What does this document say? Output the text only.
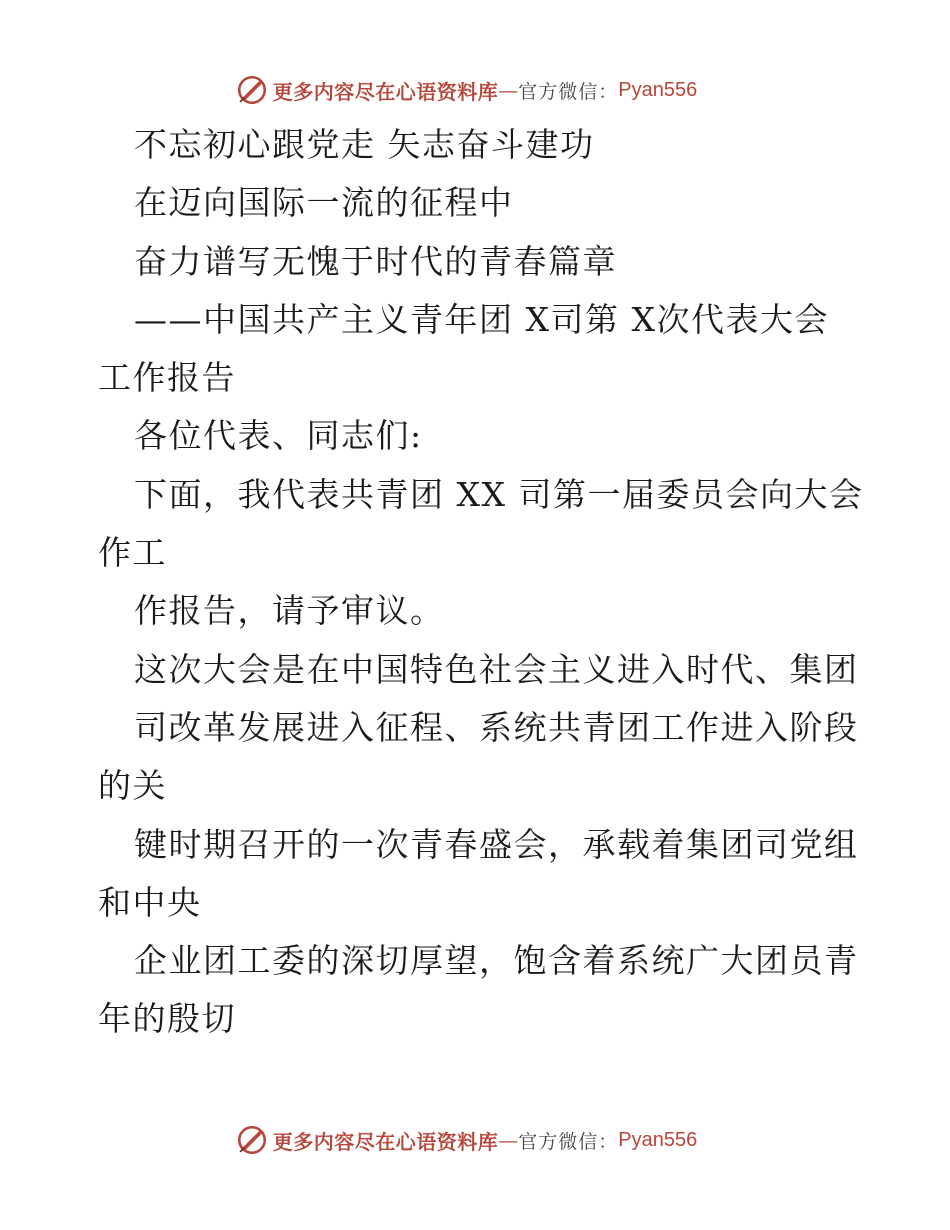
更多内容尽在心语资料库 — 官方微信： Pyan556
不忘初心跟党走 矢志奋斗建功
在迈向国际一流的征程中
奋力谱写无愧于时代的青春篇章
——中国共产主义青年团 X司第 X次代表大会
工作报告
各位代表、同志们:
下面，我代表共青团 XX 司第一届委员会向大会
作工
作报告，请予审议。
这次大会是在中国特色社会主义进入时代、集团
司改革发展进入征程、系统共青团工作进入阶段
的关
键时期召开的一次青春盛会，承载着集团司党组
和中央
企业团工委的深切厚望，饱含着系统广大团员青
年的殷切
更多内容尽在心语资料库 — 官方微信： Pyan556
